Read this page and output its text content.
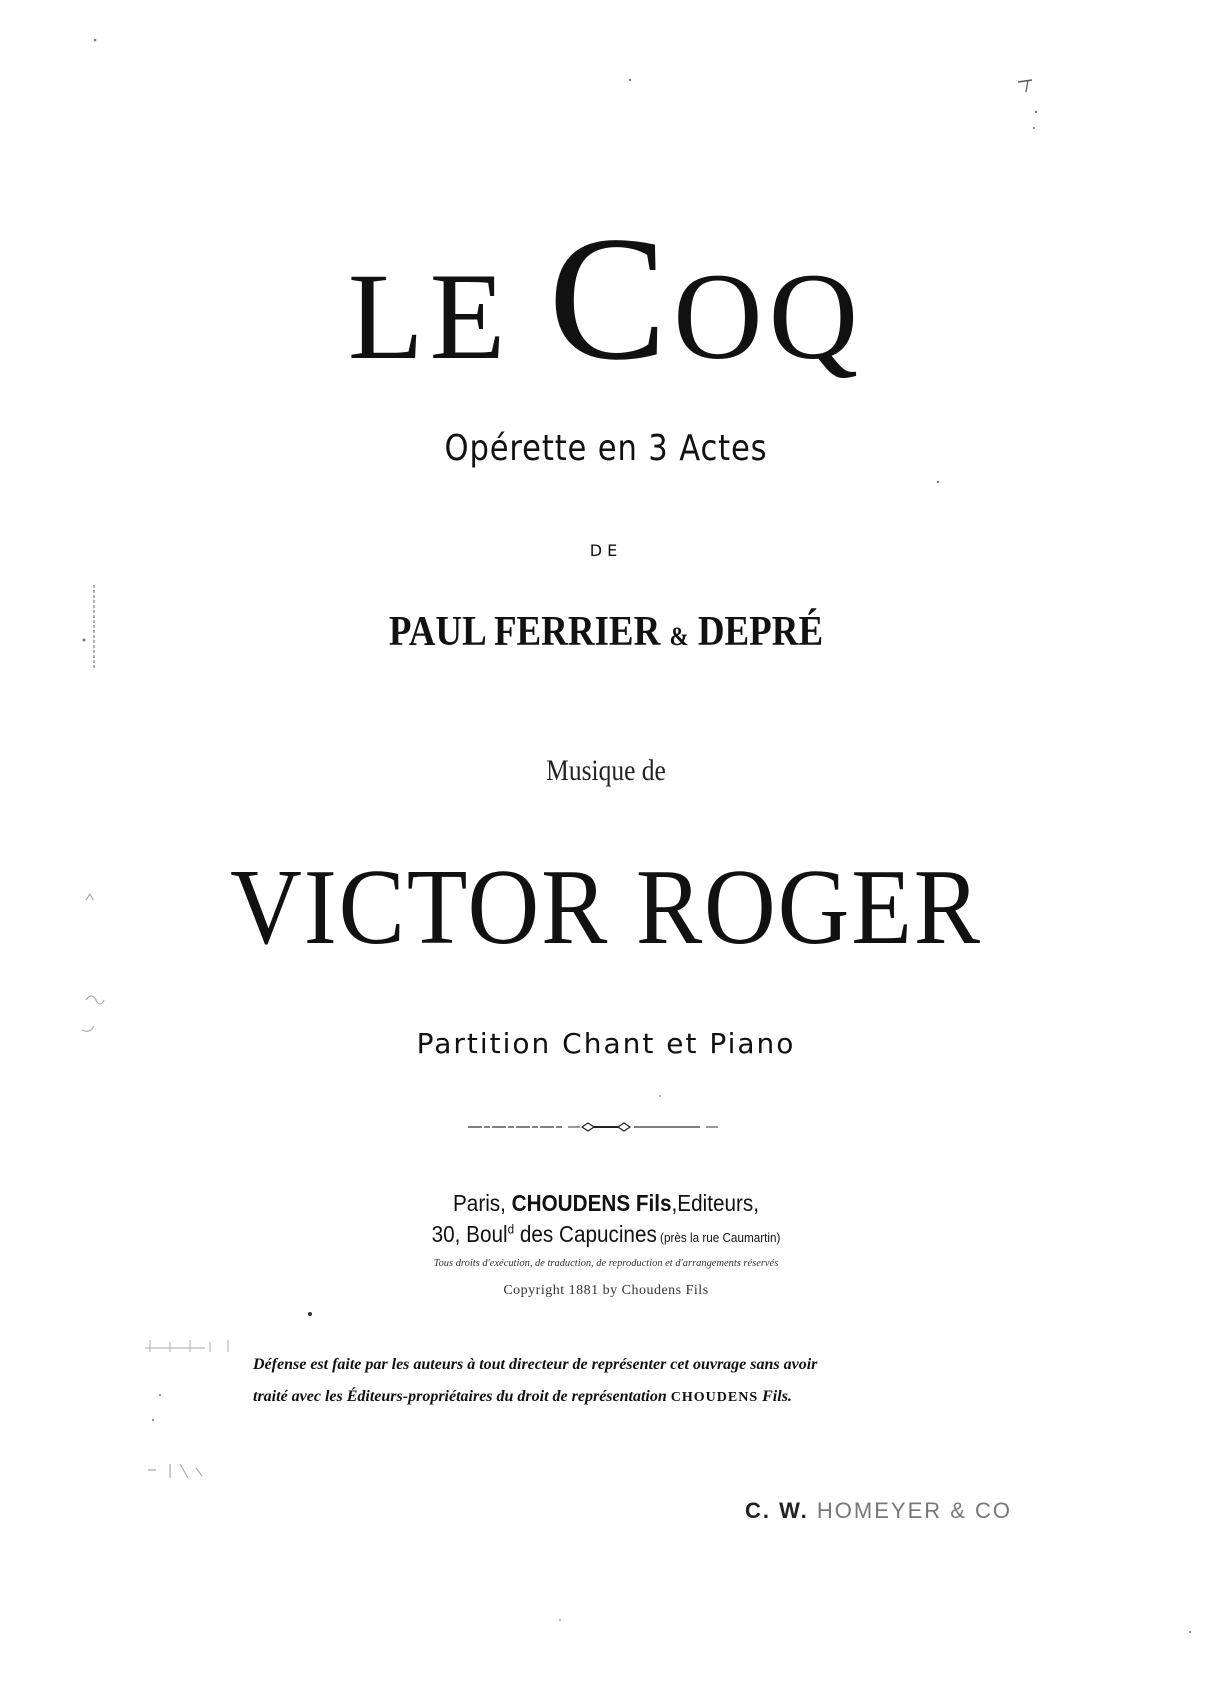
LE COQ
Opérette en 3 Actes
DE
PAUL FERRIER & DEPRÉ
Musique de
VICTOR ROGER
Partition Chant et Piano
Paris, CHOUDENS Fils,Editeurs,
30, Boul$^d$ des Capucines (près la rue Caumartin)
Tous droits d'exécution, de traduction, de reproduction et d'arrangements réservés
Copyright 1881 by Choudens Fils
Défense est faite par les auteurs à tout directeur de représenter cet ouvrage sans avoir
traité avec les Éditeurs-propriétaires du droit de représentation CHOUDENS Fils.
C. W. HOMEYER & CO
